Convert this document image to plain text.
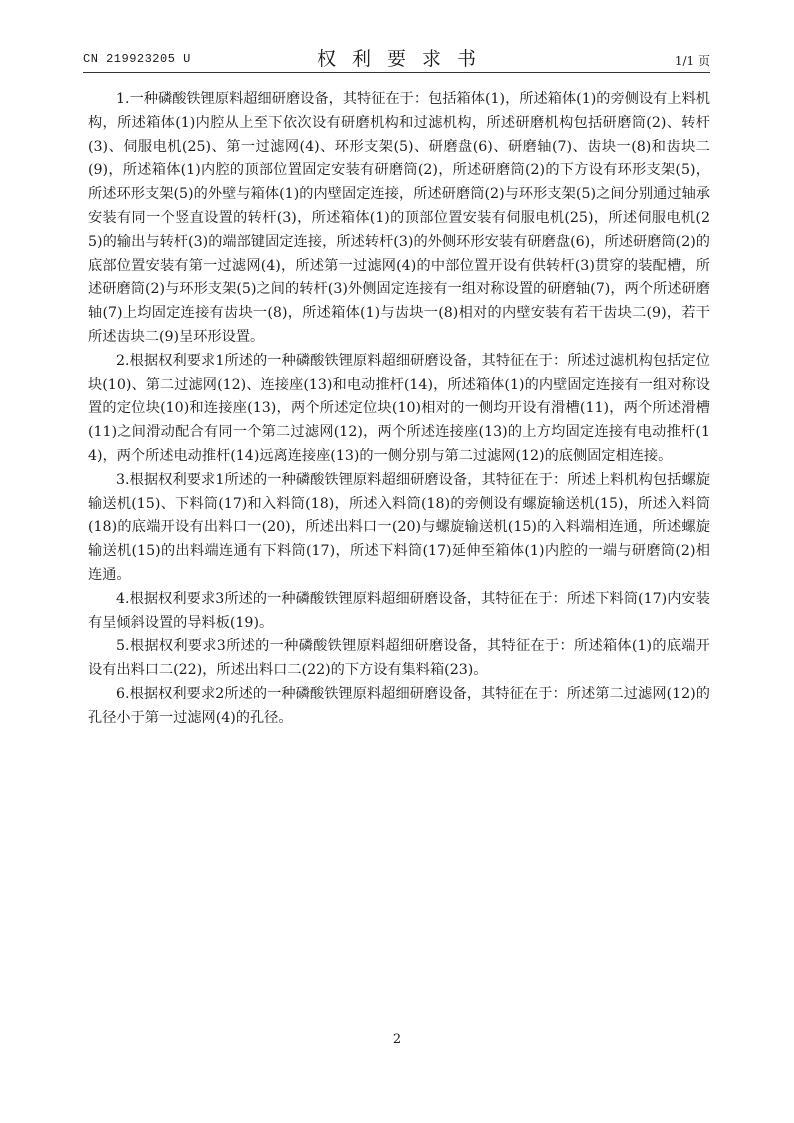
CN 219923205 U	权利要求书	1/1 页

1.一种磷酸铁锂原料超细研磨设备，其特征在于：包括箱体(1)，所述箱体(1)的旁侧设有上料机构，所述箱体(1)内腔从上至下依次设有研磨机构和过滤机构，所述研磨机构包括研磨筒(2)、转杆(3)、伺服电机(25)、第一过滤网(4)、环形支架(5)、研磨盘(6)、研磨轴(7)、齿块一(8)和齿块二(9)，所述箱体(1)内腔的顶部位置固定安装有研磨筒(2)，所述研磨筒(2)的下方设有环形支架(5)，所述环形支架(5)的外壁与箱体(1)的内壁固定连接，所述研磨筒(2)与环形支架(5)之间分别通过轴承安装有同一个竖直设置的转杆(3)，所述箱体(1)的顶部位置安装有伺服电机(25)，所述伺服电机(25)的输出与转杆(3)的端部键固定连接，所述转杆(3)的外侧环形安装有研磨盘(6)，所述研磨筒(2)的底部位置安装有第一过滤网(4)，所述第一过滤网(4)的中部位置开设有供转杆(3)贯穿的装配槽，所述研磨筒(2)与环形支架(5)之间的转杆(3)外侧固定连接有一组对称设置的研磨轴(7)，两个所述研磨轴(7)上均固定连接有齿块一(8)，所述箱体(1)与齿块一(8)相对的内壁安装有若干齿块二(9)，若干所述齿块二(9)呈环形设置。

2.根据权利要求1所述的一种磷酸铁锂原料超细研磨设备，其特征在于：所述过滤机构包括定位块(10)、第二过滤网(12)、连接座(13)和电动推杆(14)，所述箱体(1)的内壁固定连接有一组对称设置的定位块(10)和连接座(13)，两个所述定位块(10)相对的一侧均开设有滑槽(11)，两个所述滑槽(11)之间滑动配合有同一个第二过滤网(12)，两个所述连接座(13)的上方均固定连接有电动推杆(14)，两个所述电动推杆(14)远离连接座(13)的一侧分别与第二过滤网(12)的底侧固定相连接。

3.根据权利要求1所述的一种磷酸铁锂原料超细研磨设备，其特征在于：所述上料机构包括螺旋输送机(15)、下料筒(17)和入料筒(18)，所述入料筒(18)的旁侧设有螺旋输送机(15)，所述入料筒(18)的底端开设有出料口一(20)，所述出料口一(20)与螺旋输送机(15)的入料端相连通，所述螺旋输送机(15)的出料端连通有下料筒(17)，所述下料筒(17)延伸至箱体(1)内腔的一端与研磨筒(2)相连通。

4.根据权利要求3所述的一种磷酸铁锂原料超细研磨设备，其特征在于：所述下料筒(17)内安装有呈倾斜设置的导料板(19)。

5.根据权利要求3所述的一种磷酸铁锂原料超细研磨设备，其特征在于：所述箱体(1)的底端开设有出料口二(22)，所述出料口二(22)的下方设有集料箱(23)。

6.根据权利要求2所述的一种磷酸铁锂原料超细研磨设备，其特征在于：所述第二过滤网(12)的孔径小于第一过滤网(4)的孔径。

2
